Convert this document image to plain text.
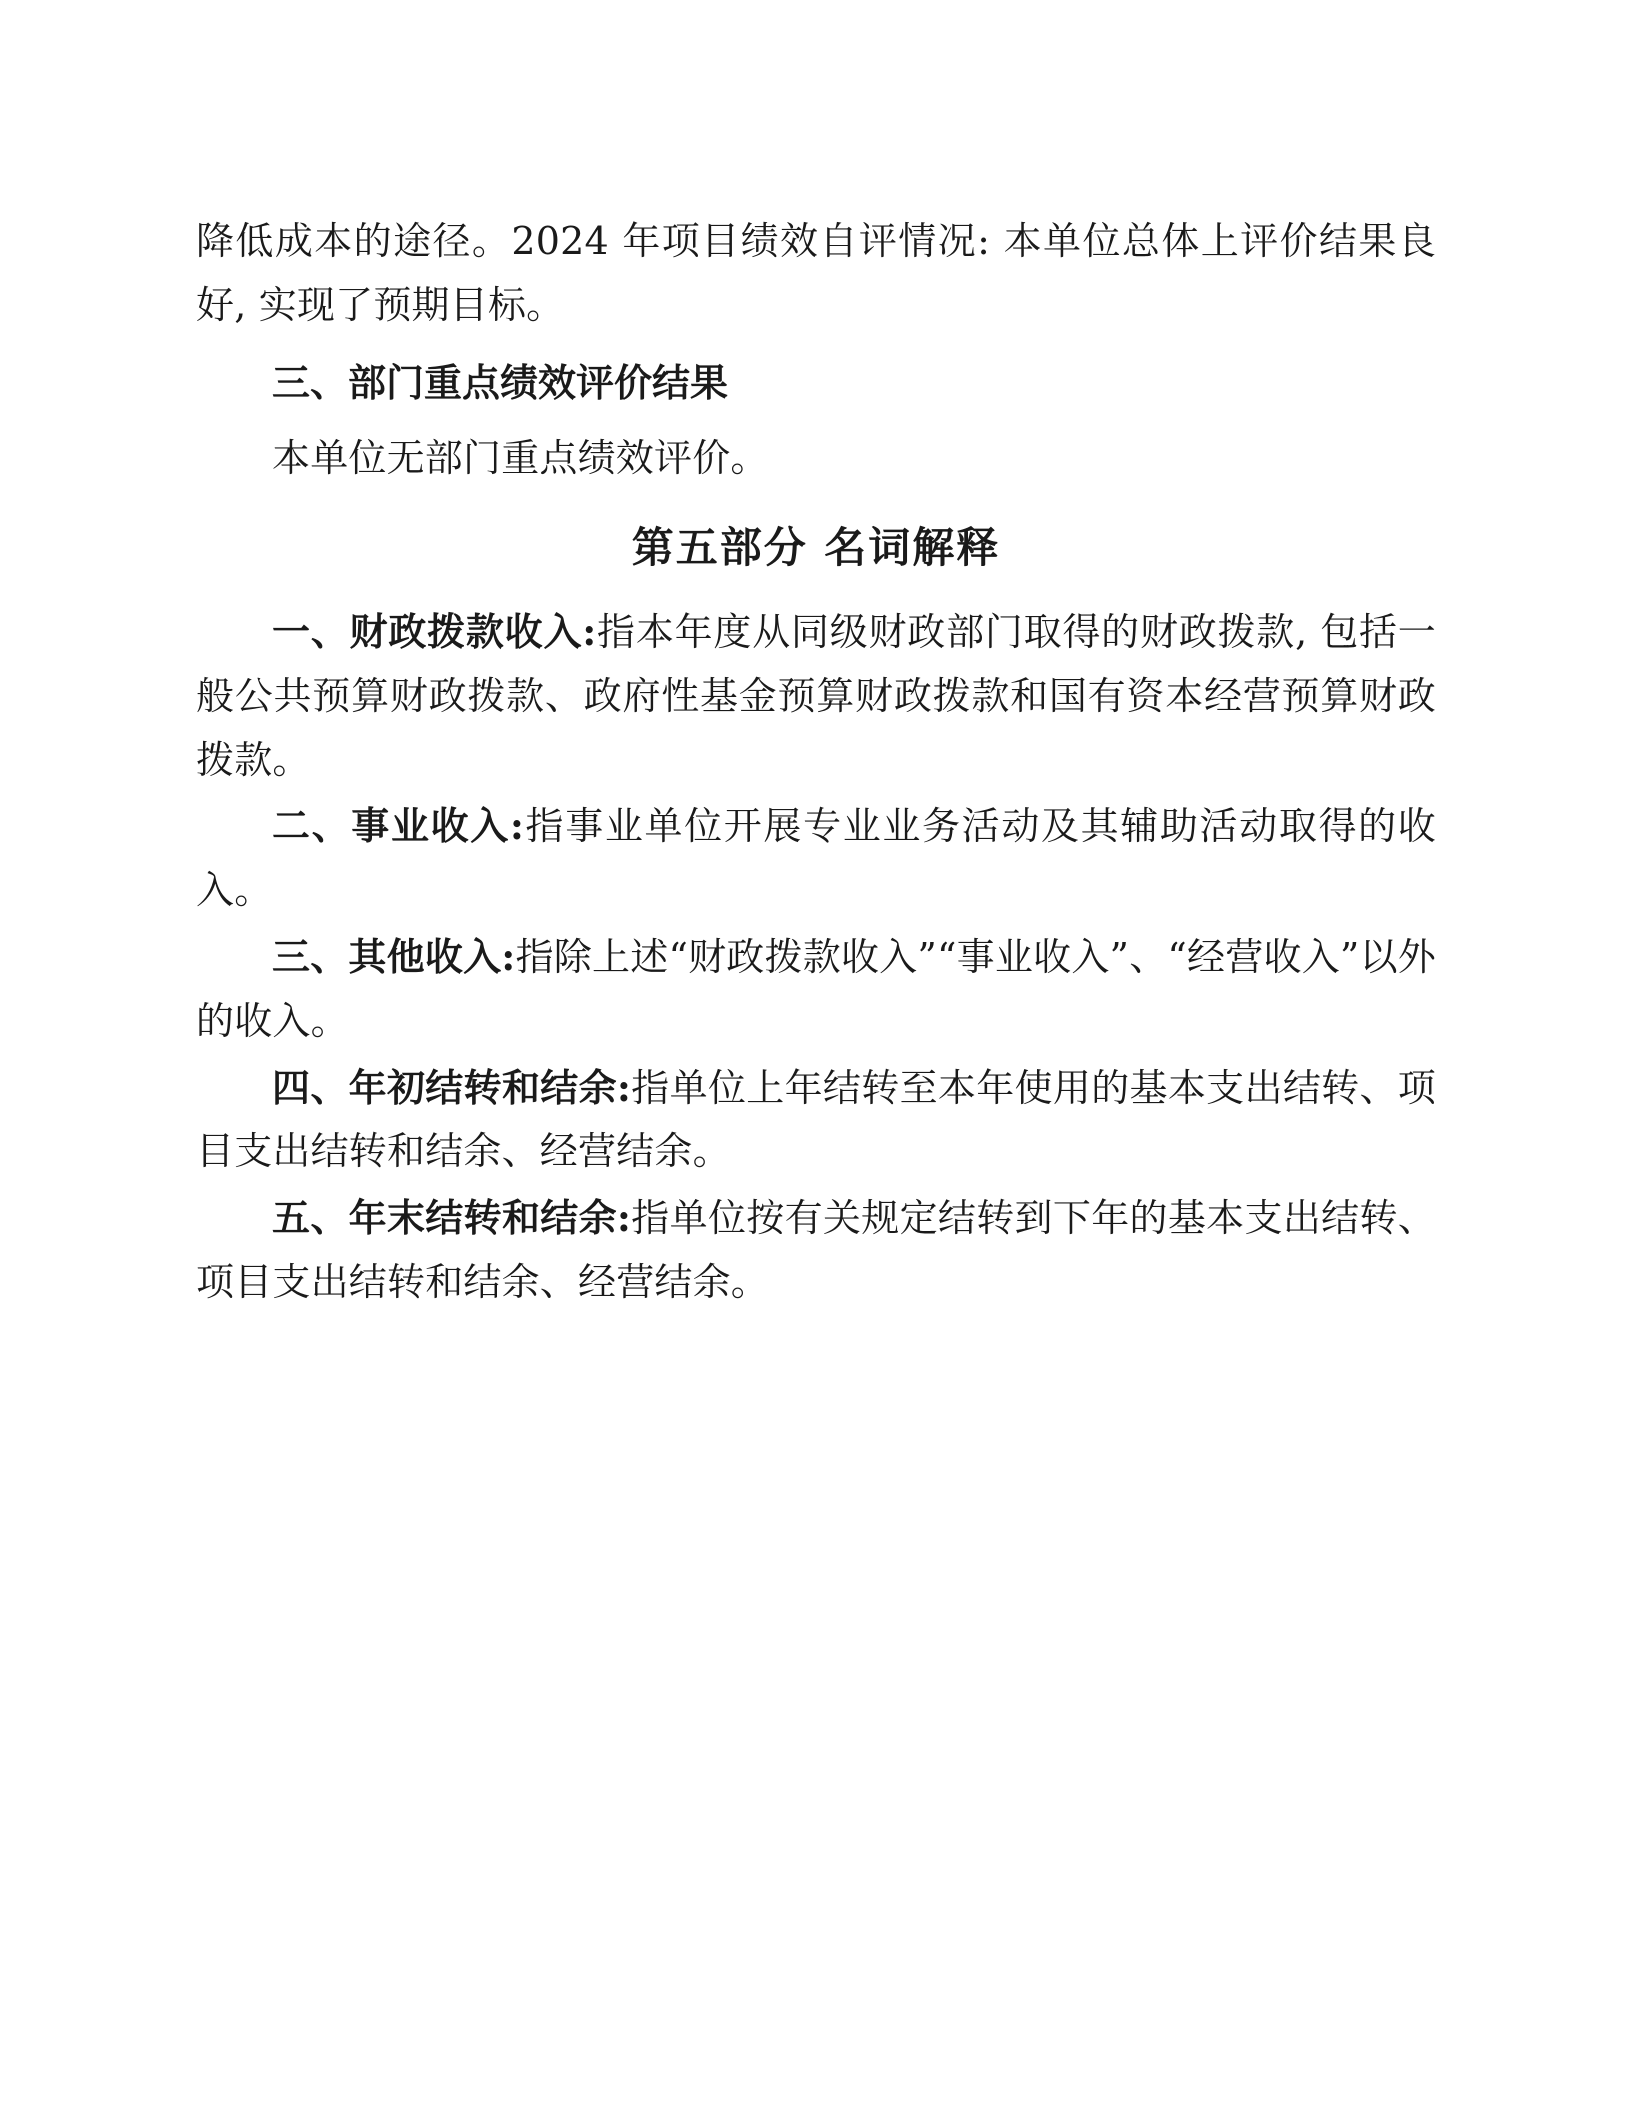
降低成本的途径。2024 年项目绩效自评情况: 本单位总体上评价结果良好, 实现了预期目标。

三、部门重点绩效评价结果

本单位无部门重点绩效评价。

第五部分 名词解释

一、财政拨款收入:指本年度从同级财政部门取得的财政拨款, 包括一般公共预算财政拨款、政府性基金预算财政拨款和国有资本经营预算财政拨款。

二、事业收入:指事业单位开展专业业务活动及其辅助活动取得的收入。

三、其他收入:指除上述“财政拨款收入”“事业收入”、“经营收入”以外的收入。

四、年初结转和结余:指单位上年结转至本年使用的基本支出结转、项目支出结转和结余、经营结余。

五、年末结转和结余:指单位按有关规定结转到下年的基本支出结转、项目支出结转和结余、经营结余。
